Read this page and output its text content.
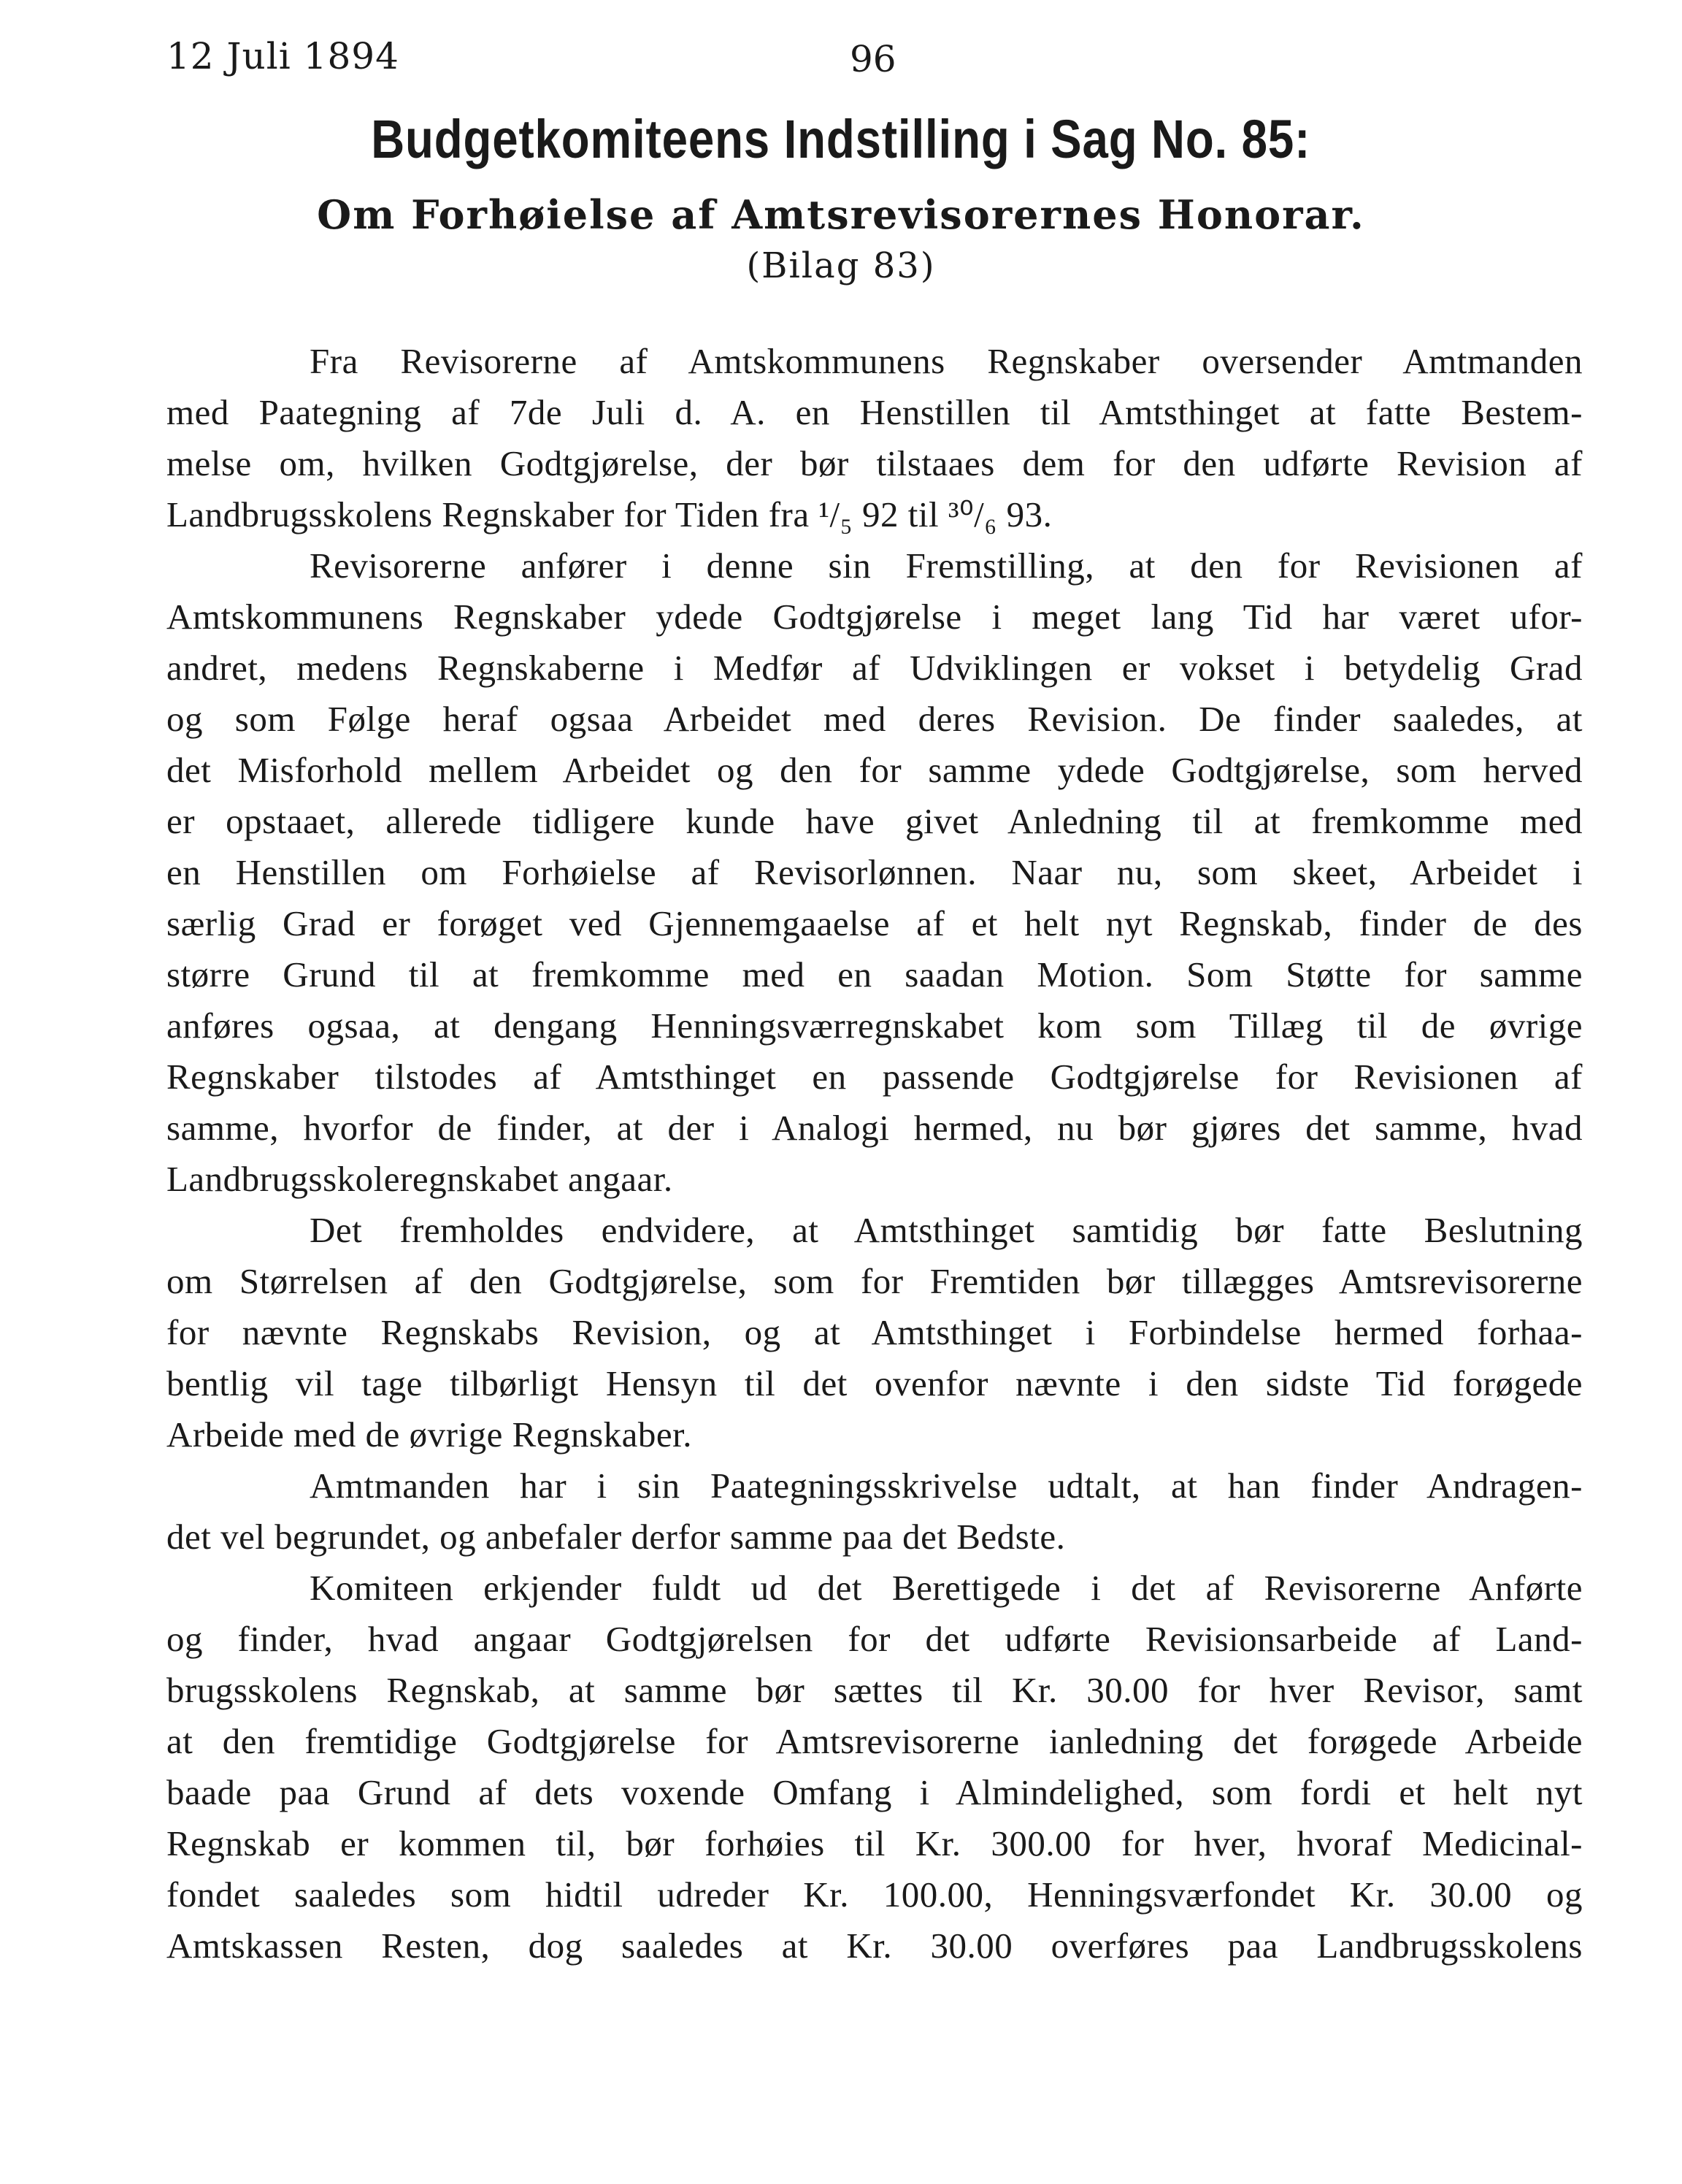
12 Juli 1894	96
Budgetkomiteens Indstilling i Sag No. 85:
Om Forhøielse af Amtsrevisorernes Honorar.
(Bilag 83)
Fra Revisorerne af Amtskommunens Regnskaber oversender Amtmanden
med Paategning af 7de Juli d. A. en Henstillen til Amtsthinget at fatte Bestem-
melse om, hvilken Godtgjørelse, der bør tilstaaes dem for den udførte Revision af
Landbrugsskolens Regnskaber for Tiden fra ¹/₅ 92 til ³⁰/₆ 93.
Revisorerne anfører i denne sin Fremstilling, at den for Revisionen af
Amtskommunens Regnskaber ydede Godtgjørelse i meget lang Tid har været ufor-
andret, medens Regnskaberne i Medfør af Udviklingen er vokset i betydelig Grad
og som Følge heraf ogsaa Arbeidet med deres Revision. De finder saaledes, at
det Misforhold mellem Arbeidet og den for samme ydede Godtgjørelse, som herved
er opstaaet, allerede tidligere kunde have givet Anledning til at fremkomme med
en Henstillen om Forhøielse af Revisorlønnen. Naar nu, som skeet, Arbeidet i
særlig Grad er forøget ved Gjennemgaaelse af et helt nyt Regnskab, finder de des
større Grund til at fremkomme med en saadan Motion. Som Støtte for samme
anføres ogsaa, at dengang Henningsværregnskabet kom som Tillæg til de øvrige
Regnskaber tilstodes af Amtsthinget en passende Godtgjørelse for Revisionen af
samme, hvorfor de finder, at der i Analogi hermed, nu bør gjøres det samme, hvad
Landbrugsskoleregnskabet angaar.
Det fremholdes endvidere, at Amtsthinget samtidig bør fatte Beslutning
om Størrelsen af den Godtgjørelse, som for Fremtiden bør tillægges Amtsrevisorerne
for nævnte Regnskabs Revision, og at Amtsthinget i Forbindelse hermed forhaa-
bentlig vil tage tilbørligt Hensyn til det ovenfor nævnte i den sidste Tid forøgede
Arbeide med de øvrige Regnskaber.
Amtmanden har i sin Paategningsskrivelse udtalt, at han finder Andragen-
det vel begrundet, og anbefaler derfor samme paa det Bedste.
Komiteen erkjender fuldt ud det Berettigede i det af Revisorerne Anførte
og finder, hvad angaar Godtgjørelsen for det udførte Revisionsarbeide af Land-
brugsskolens Regnskab, at samme bør sættes til Kr. 30.00 for hver Revisor, samt
at den fremtidige Godtgjørelse for Amtsrevisorerne ianledning det forøgede Arbeide
baade paa Grund af dets voxende Omfang i Almindelighed, som fordi et helt nyt
Regnskab er kommen til, bør forhøies til Kr. 300.00 for hver, hvoraf Medicinal-
fondet saaledes som hidtil udreder Kr. 100.00, Henningsværfondet Kr. 30.00 og
Amtskassen Resten, dog saaledes at Kr. 30.00 overføres paa Landbrugsskolens
